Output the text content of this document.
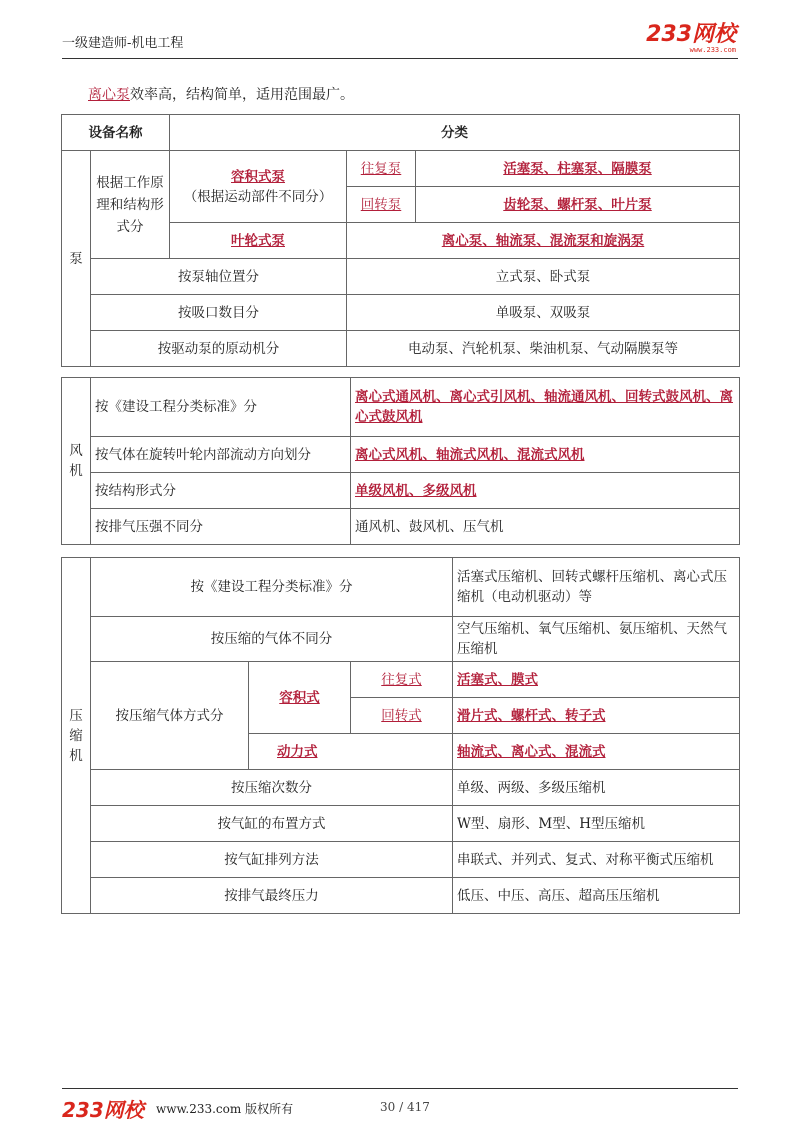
一级建造师-机电工程	233网校
www.233.com
离心泵效率高，结构简单，适用范围最广。
设备名称		分类		
泵	根据工作原理和结构形式分	容积式泵
（根据运动部件不同分）	往复泵	活塞泵、柱塞泵、隔膜泵
			回转泵	齿轮泵、螺杆泵、叶片泵
		叶轮式泵	离心泵、轴流泵、混流泵和旋涡泵	
	按泵轴位置分		立式泵、卧式泵	
	按吸口数目分		单吸泵、双吸泵	
	按驱动泵的原动机分		电动泵、汽轮机泵、柴油机泵、气动隔膜泵等	
风机	按《建设工程分类标准》分	离心式通风机、离心式引风机、轴流通风机、回转式鼓风机、离心式鼓风机
	按气体在旋转叶轮内部流动方向划分	离心式风机、轴流式风机、混流式风机
	按结构形式分	单级风机、多级风机
	按排气压强不同分	通风机、鼓风机、压气机
压缩机	按《建设工程分类标准》分			活塞式压缩机、回转式螺杆压缩机、离心式压缩机（电动机驱动）等
	按压缩的气体不同分			空气压缩机、氧气压缩机、氨压缩机、天然气压缩机
	按压缩气体方式分	容积式	往复式	活塞式、膜式
			回转式	滑片式、螺杆式、转子式
		动力式		轴流式、离心式、混流式
	按压缩次数分			单级、两级、多级压缩机
	按气缸的布置方式			W型、扇形、M型、H型压缩机
	按气缸排列方法			串联式、并列式、复式、对称平衡式压缩机
	按排气最终压力			低压、中压、高压、超高压压缩机
233网校 www.233.com 版权所有	30 / 417
